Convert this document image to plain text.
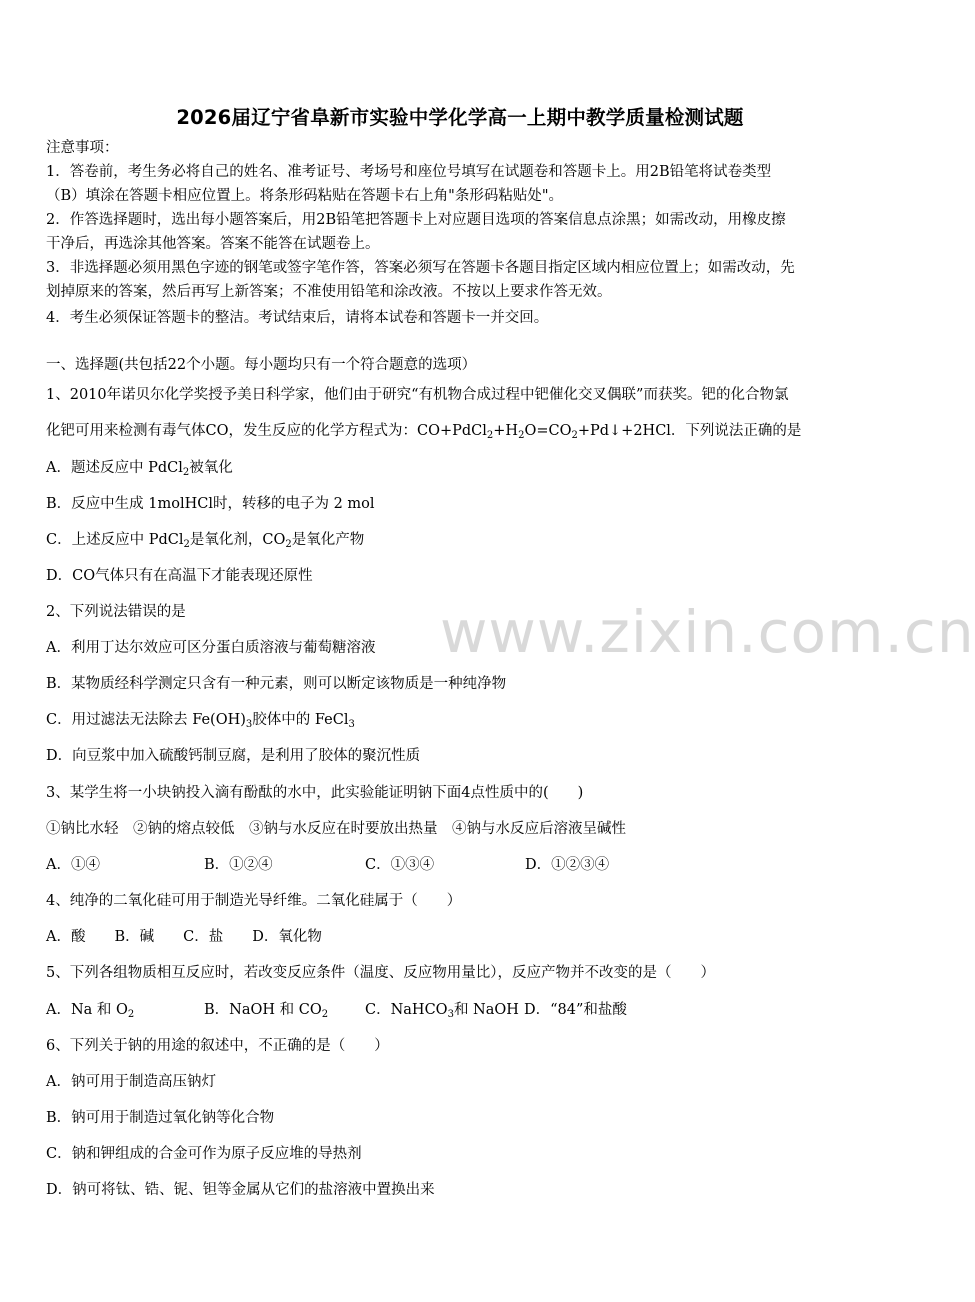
www.zixin.com.cn
2026届辽宁省阜新市实验中学化学高一上期中教学质量检测试题
注意事项：
1．答卷前，考生务必将自己的姓名、准考证号、考场号和座位号填写在试题卷和答题卡上。用2B铅笔将试卷类型
（B）填涂在答题卡相应位置上。将条形码粘贴在答题卡右上角"条形码粘贴处"。
2．作答选择题时，选出每小题答案后，用2B铅笔把答题卡上对应题目选项的答案信息点涂黑；如需改动，用橡皮擦
干净后，再选涂其他答案。答案不能答在试题卷上。
3．非选择题必须用黑色字迹的钢笔或签字笔作答，答案必须写在答题卡各题目指定区域内相应位置上；如需改动，先
划掉原来的答案，然后再写上新答案；不准使用铅笔和涂改液。不按以上要求作答无效。
4．考生必须保证答题卡的整洁。考试结束后，请将本试卷和答题卡一并交回。
一、选择题(共包括22个小题。每小题均只有一个符合题意的选项）
1、2010年诺贝尔化学奖授予美日科学家，他们由于研究“有机物合成过程中钯催化交叉偶联”而获奖。钯的化合物氯
化钯可用来检测有毒气体CO，发生反应的化学方程式为：$CO+PdCl_2+H_2O=CO_2+Pd↓+2HCl$．下列说法正确的是
A．题述反应中 PdCl$_2$被氧化
B．反应中生成 1molHCl时，转移的电子为 2 mol
C．上述反应中 PdCl$_2$是氧化剂，$CO_2$是氧化产物
D．CO气体只有在高温下才能表现还原性
2、下列说法错误的是
A．利用丁达尔效应可区分蛋白质溶液与葡萄糖溶液
B．某物质经科学测定只含有一种元素，则可以断定该物质是一种纯净物
C．用过滤法无法除去 $Fe(OH)_3$胶体中的 FeCl$_3$
D．向豆浆中加入硫酸钙制豆腐，是利用了胶体的聚沉性质
3、某学生将一小块钠投入滴有酚酞的水中，此实验能证明钠下面4点性质中的(　　)
①钠比水轻　②钠的熔点较低　③钠与水反应在时要放出热量　④钠与水反应后溶液呈碱性
A．①④	B．①②④	C．①③④	D．①②③④
4、纯净的二氧化硅可用于制造光导纤维。二氧化硅属于（　　）
A．酸　　B．碱　　C．盐　　D．氧化物
5、下列各组物质相互反应时，若改变反应条件（温度、反应物用量比），反应产物并不改变的是（　　）
A．Na 和 $O_2$	B．NaOH 和 $CO_2$	C．NaHCO$_3$和 NaOH D．“84”和盐酸
6、下列关于钠的用途的叙述中，不正确的是（　　）
A．钠可用于制造高压钠灯
B．钠可用于制造过氧化钠等化合物
C．钠和钾组成的合金可作为原子反应堆的导热剂
D．钠可将钛、锆、铌、钽等金属从它们的盐溶液中置换出来
